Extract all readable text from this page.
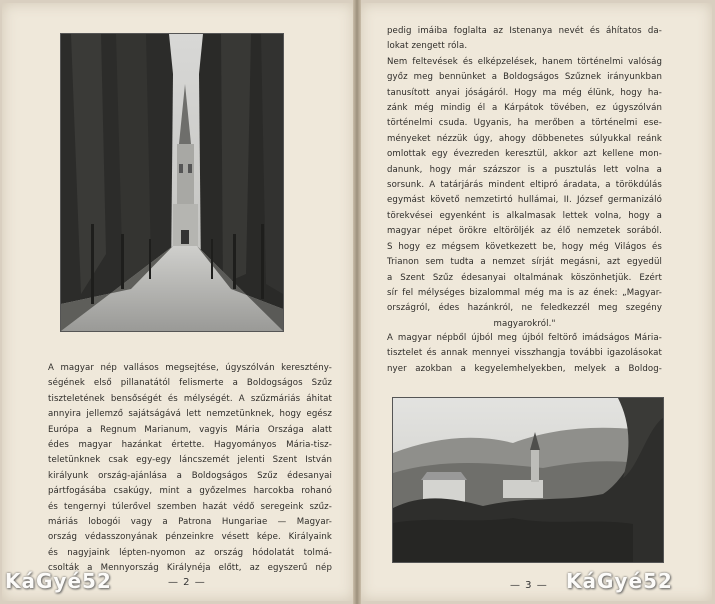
A magyar nép vallásos megsejtése, úgyszólván keresztény-
ségének első pillanatától felismerte a Boldogságos Szűz
tiszteletének bensőségét és mélységét. A szűzmáriás áhitat
annyira jellemző sajátságává lett nemzetünknek, hogy egész
Európa a Regnum Marianum, vagyis Mária Országa alatt
édes magyar hazánkat értette. Hagyományos Mária-tisz-
teletünknek csak egy-egy láncszemét jelenti Szent István
királyunk ország-ajánlása a Boldogságos Szűz édesanyai
pártfogásába csakúgy, mint a győzelmes harcokba rohanó
és tengernyi túlerővel szemben hazát védő seregeink szűz-
máriás lobogói vagy a Patrona Hungariae — Magyar-
ország védasszonyának pénzeinkre vésett képe. Királyaink
és nagyjaink lépten-nyomon az ország hódolatát tolmá-
csolták a Mennyország Királynéja előtt, az egyszerű nép
pedig imáiba foglalta az Istenanya nevét és áhítatos da-
lokat zengett róla.
Nem feltevések és elképzelések, hanem történelmi valóság
győz meg bennünket a Boldogságos Szűznek irányunkban
tanusított anyai jóságáról. Hogy ma még élünk, hogy ha-
zánk még mindig él a Kárpátok tövében, ez úgyszólván
történelmi csuda. Ugyanis, ha merőben a történelmi ese-
ményeket nézzük úgy, ahogy döbbenetes súlyukkal reánk
omlottak egy évezreden keresztül, akkor azt kellene mon-
danunk, hogy már százszor is a pusztulás lett volna a
sorsunk. A tatárjárás mindent eltipró áradata, a törökdúlás
egymást követő nemzetirtó hullámai, II. József germanizáló
törekvései egyenként is alkalmasak lettek volna, hogy a
magyar népet örökre eltöröljék az élő nemzetek sorából.
S hogy ez mégsem következett be, hogy még Világos és
Trianon sem tudta a nemzet sírját megásni, azt egyedül
a Szent Szűz édesanyai oltalmának köszönhetjük. Ezért
sír fel mélységes bizalommal még ma is az ének: „Magyar-
országról, édes hazánkról, ne feledkezzél meg szegény
magyarokról."
A magyar népből újból meg újból feltörő imádságos Mária-
tisztelet és annak mennyei visszhangja további igazolásokat
nyer azokban a kegyelemhelyekben, melyek a Boldog-
— 2 —	— 3 —
KáGyé52	KáGyé52
